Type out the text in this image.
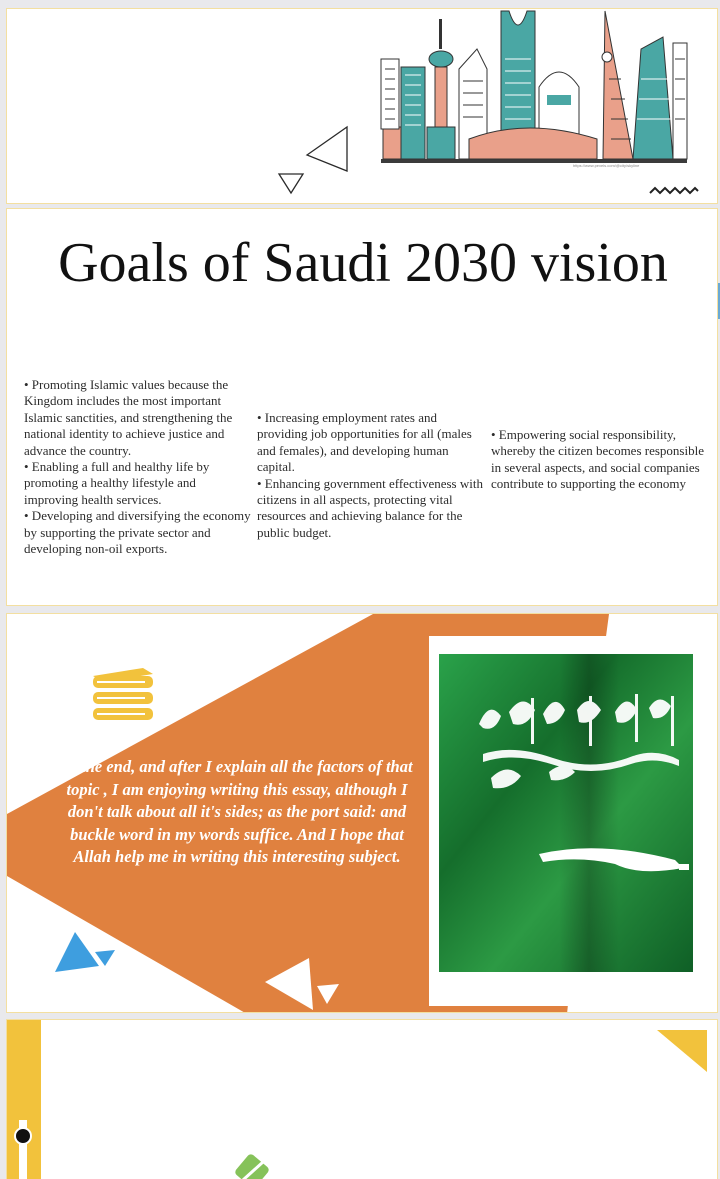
https://www.pexels.com/@city/skyline
Goals of Saudi 2030 vision

• Promoting Islamic values because the Kingdom includes the most important Islamic sanctities, and strengthening the national identity to achieve justice and advance the country.

• Enabling a full and healthy life by promoting a healthy lifestyle and improving health services.

• Developing and diversifying the economy by supporting the private sector and developing non-oil exports.

• Increasing employment rates and providing job opportunities for all (males and females), and developing human capital.

• Enhancing government effectiveness with citizens in all aspects, protecting vital resources and achieving balance for the public budget.

• Empowering social responsibility, whereby the citizen becomes responsible in several aspects, and social companies contribute to supporting the economy

At the end, and after I explain all the factors of that topic , I am enjoying writing this essay, although I don't talk about all it's sides; as the port said: and buckle word in my words suffice. And I hope that Allah help me in writing this interesting subject.
